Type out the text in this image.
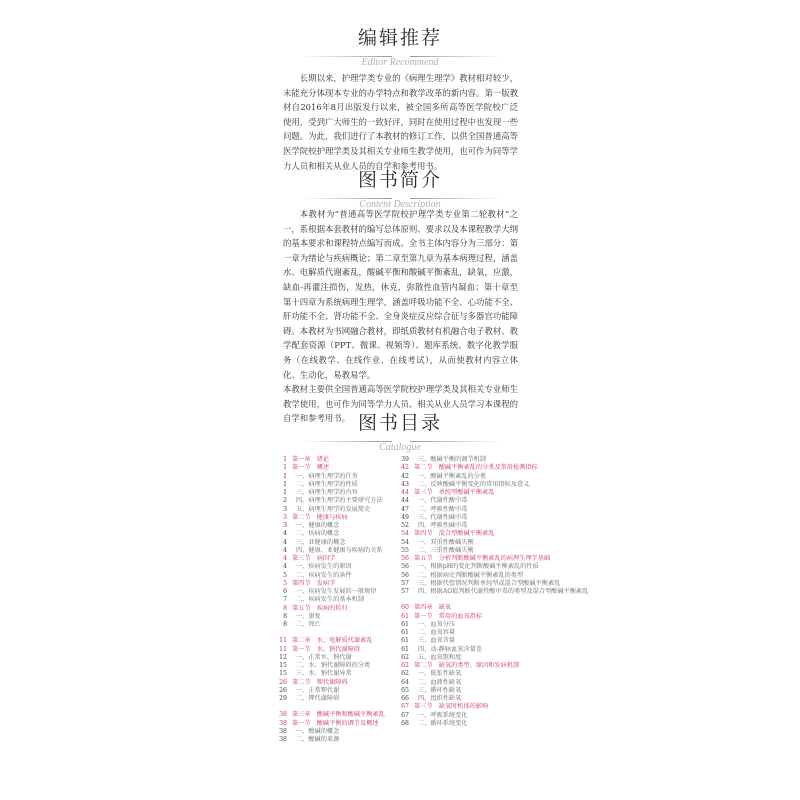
编辑推荐
Editor Recommend

长期以来，护理学类专业的《病理生理学》教材相对较少，未能充分体现本专业的办学特点和教学改革的新内容。第一版教材自2016年8月出版发行以来，被全国多所高等医学院校广泛使用，受到广大师生的一致好评，同时在使用过程中也发现一些问题。为此，我们进行了本教材的修订工作，以供全国普通高等医学院校护理学类及其相关专业师生教学使用，也可作为同等学力人员和相关从业人员的自学和参考用书。

图书简介
Content Description

本教材为“普通高等医学院校护理学类专业第二轮教材”之一，系根据本套教材的编写总体原则、要求以及本课程教学大纲的基本要求和课程特点编写而成。全书主体内容分为三部分：第一章为绪论与疾病概论；第二章至第九章为基本病理过程，涵盖水、电解质代谢紊乱，酸碱平衡和酸碱平衡紊乱，缺氧，应激，缺血-再灌注损伤，发热，休克，弥散性血管内凝血；第十章至第十四章为系统病理生理学，涵盖呼吸功能不全、心功能不全、肝功能不全、肾功能不全、全身炎症反应综合征与多器官功能障碍。本教材为书网融合教材，即纸质教材有机融合电子教材、教学配套资源（PPT、微课、视频等）、题库系统、数字化教学服务（在线教学、在线作业、在线考试），从而使教材内容立体化、生动化，易教易学。

本教材主要供全国普通高等医学院校护理学类及其相关专业师生教学使用，也可作为同等学力人员、相关从业人员学习本课程的自学和参考用书。 图书目录
Catalogue
1 第一章　绪论
1 第一节　概述
1 一、病理生理学的任务
1 二、病理生理学的性质
1 三、病理生理学的内容
2 四、病理生理学的主要研究方法
3 五、病理生理学的发展简史
3 第二节　健康与疾病
3 一、健康的概念
4 二、疾病的概念
4 三、亚健康的概念
4 四、健康、亚健康与疾病的关系
4 第三节　病因学
4 一、疾病发生的原因
5 二、疾病发生的条件
5 第四节　发病学
6 一、疾病发生发展的一般规律
7 二、疾病发生的基本机制
8 第五节　疾病的转归
8 一、康复
8 二、死亡
11 第二章　水、电解质代谢紊乱
11 第一节　水、钠代谢障碍
12 一、正常水、钠代谢
15 二、水、钠代谢障碍的分类
15 三、水、钠代谢异常
26 第二节　钾代谢障碍
26 一、正常钾代谢
29 二、钾代谢障碍
38 第三章　酸碱平衡和酸碱平衡紊乱
38 第一节　酸碱平衡的调节及概述
38 一、酸碱的概念
38 二、酸碱的来源
39 三、酸碱平衡的调节机制
42 第二节　酸碱平衡紊乱的分类及常用检测指标
42 一、酸碱平衡紊乱的分类
43 二、反映酸碱平衡变化的常用指标及意义
44 第三节　单纯型酸碱平衡紊乱
44 一、代谢性酸中毒
47 二、呼吸性酸中毒
49 三、代谢性碱中毒
52 四、呼吸性碱中毒
54 第四节　混合型酸碱平衡紊乱
54 一、双重性酸碱失衡
55 二、三重性酸碱失衡
56 第五节　分析判断酸碱平衡紊乱的病理生理学基础
56 一、根据pH的变化判断酸碱平衡紊乱的性质
56 二、根据病史判断酸碱平衡紊乱的类型
57 三、根据代偿情况判断单纯型或混合型酸碱平衡紊乱
57 四、根据AG值判断代谢性酸中毒的类型及混合型酸碱平衡紊乱
60 第四章　缺氧
61 第一节　常用的血氧指标
61 一、血氧分压
61 二、血氧容量
61 三、血氧含量
61 四、动-静脉血氧含量差
62 五、血氧饱和度
62 第二节　缺氧的类型、原因和发病机制
62 一、低张性缺氧
64 二、血液性缺氧
65 三、循环性缺氧
66 四、组织性缺氧
67 第三节　缺氧时机体的影响
67 一、呼吸系统变化
68 二、循环系统变化
